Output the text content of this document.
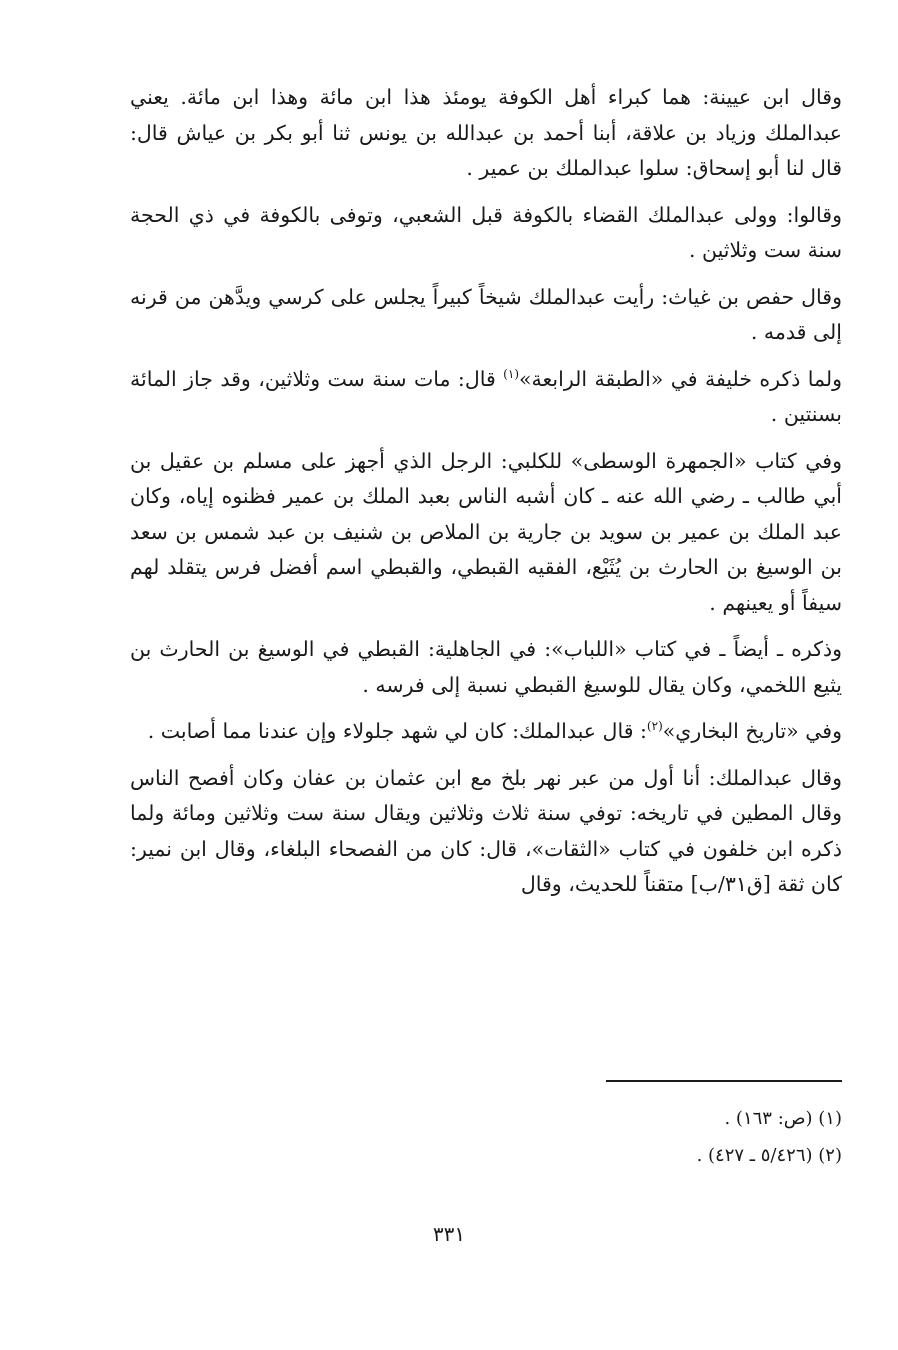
وقال ابن عيينة: هما كبراء أهل الكوفة يومئذ هذا ابن مائة وهذا ابن مائة. يعني عبدالملك وزياد بن علاقة، أبنا أحمد بن عبدالله بن يونس ثنا أبو بكر بن عياش قال: قال لنا أبو إسحاق: سلوا عبدالملك بن عمير .

وقالوا: وولى عبدالملك القضاء بالكوفة قبل الشعبي، وتوفى بالكوفة في ذي الحجة سنة ست وثلاثين .

وقال حفص بن غياث: رأيت عبدالملك شيخاً كبيراً يجلس على كرسي ويدَّهن من قرنه إلى قدمه .

ولما ذكره خليفة في «الطبقة الرابعة»$^{(١)}$ قال: مات سنة ست وثلاثين، وقد جاز المائة بسنتين .

وفي كتاب «الجمهرة الوسطى» للكلبي: الرجل الذي أجهز على مسلم بن عقيل بن أبي طالب ـ رضي الله عنه ـ كان أشبه الناس بعبد الملك بن عمير فظنوه إياه، وكان عبد الملك بن عمير بن سويد بن جارية بن الملاص بن شنيف بن عبد شمس بن سعد بن الوسيغ بن الحارث بن يُثَيْع، الفقيه القبطي، والقبطي اسم أفضل فرس يتقلد لهم سيفاً أو يعينهم .

وذكره ـ أيضاً ـ في كتاب «اللباب»: في الجاهلية: القبطي في الوسيغ بن الحارث بن يثيع اللخمي، وكان يقال للوسيغ القبطي نسبة إلى فرسه .

وفي «تاريخ البخاري»$^{(٢)}$: قال عبدالملك: كان لي شهد جلولاء وإن عندنا مما أصابت .

وقال عبدالملك: أنا أول من عبر نهر بلخ مع ابن عثمان بن عفان وكان أفصح الناس وقال المطين في تاريخه: توفي سنة ثلاث وثلاثين ويقال سنة ست وثلاثين ومائة ولما ذكره ابن خلفون في كتاب «الثقات»، قال: كان من الفصحاء البلغاء، وقال ابن نمير: كان ثقة [ق٣١/ب] متقناً للحديث، وقال

(١) (ص: ١٦٣) .

(٢) (٥/٤٢٦ ـ ٤٢٧) .

٣٣١
